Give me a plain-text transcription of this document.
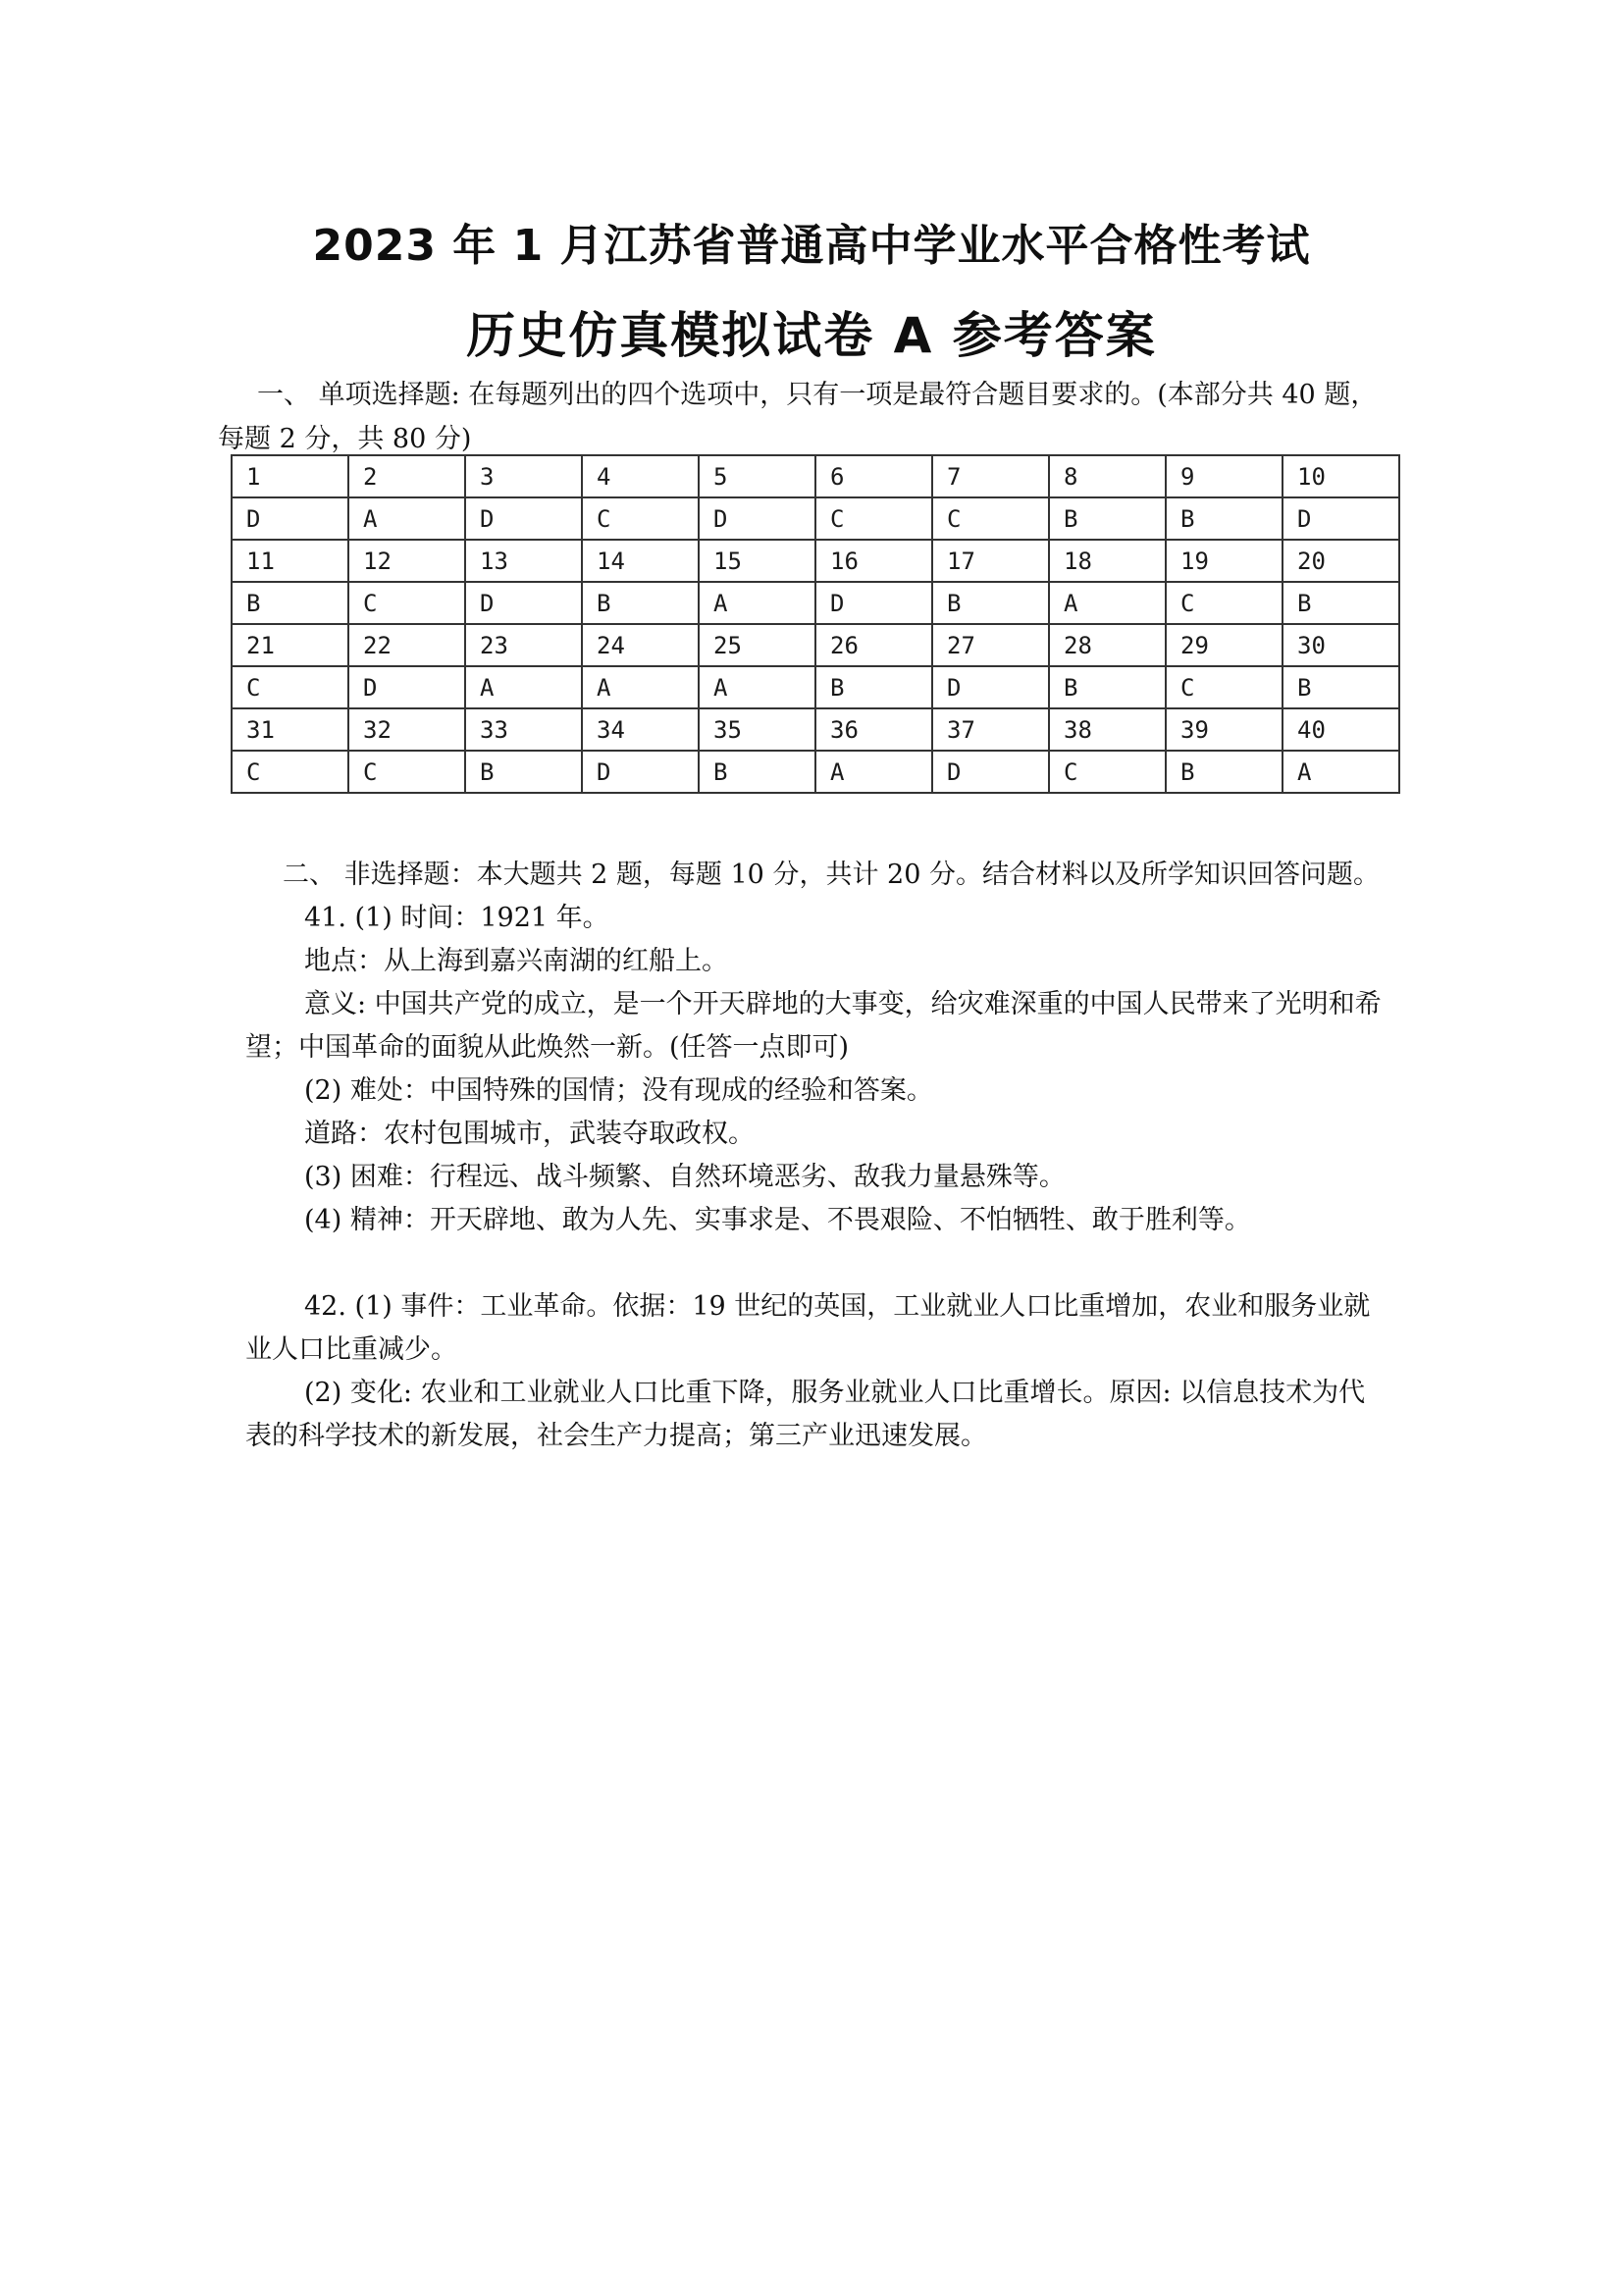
2023 年 1 月江苏省普通高中学业水平合格性考试
历史仿真模拟试卷 A 参考答案

一、 单项选择题: 在每题列出的四个选项中，只有一项是最符合题目要求的。(本部分共 40 题，每题 2 分，共 80 分)

1	2	3	4	5	6	7	8	9	10
D	A	D	C	D	C	C	B	B	D
11	12	13	14	15	16	17	18	19	20
B	C	D	B	A	D	B	A	C	B
21	22	23	24	25	26	27	28	29	30
C	D	A	A	A	B	D	B	C	B
31	32	33	34	35	36	37	38	39	40
C	C	B	D	B	A	D	C	B	A

二、 非选择题：本大题共 2 题，每题 10 分，共计 20 分。结合材料以及所学知识回答问题。

41. (1) 时间：1921 年。

地点：从上海到嘉兴南湖的红船上。

意义: 中国共产党的成立，是一个开天辟地的大事变，给灾难深重的中国人民带来了光明和希望；中国革命的面貌从此焕然一新。(任答一点即可)

(2) 难处：中国特殊的国情；没有现成的经验和答案。

道路：农村包围城市，武装夺取政权。

(3) 困难：行程远、战斗频繁、自然环境恶劣、敌我力量悬殊等。

(4) 精神：开天辟地、敢为人先、实事求是、不畏艰险、不怕牺牲、敢于胜利等。

42. (1) 事件：工业革命。依据：19 世纪的英国，工业就业人口比重增加，农业和服务业就业人口比重减少。

(2) 变化: 农业和工业就业人口比重下降，服务业就业人口比重增长。原因: 以信息技术为代表的科学技术的新发展，社会生产力提高；第三产业迅速发展。
